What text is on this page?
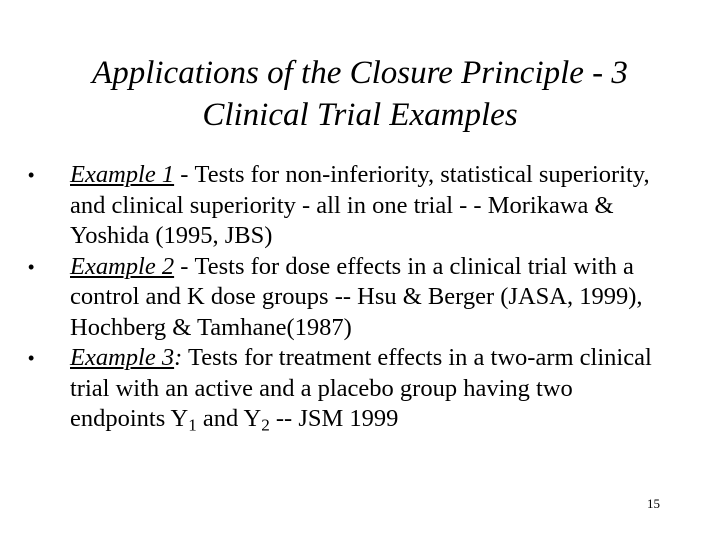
Applications of the Closure Principle - 3
Clinical Trial Examples
• Example 1 - Tests for non-inferiority, statistical superiority, and clinical superiority - all in one trial - - Morikawa & Yoshida (1995, JBS)
• Example 2 - Tests for dose effects in a clinical trial with a control and K dose groups -- Hsu & Berger (JASA, 1999), Hochberg & Tamhane(1987)
• Example 3: Tests for treatment effects in a two-arm clinical trial with an active and a placebo group having two endpoints $Y_1$ and $Y_2$ -- JSM 1999
15
